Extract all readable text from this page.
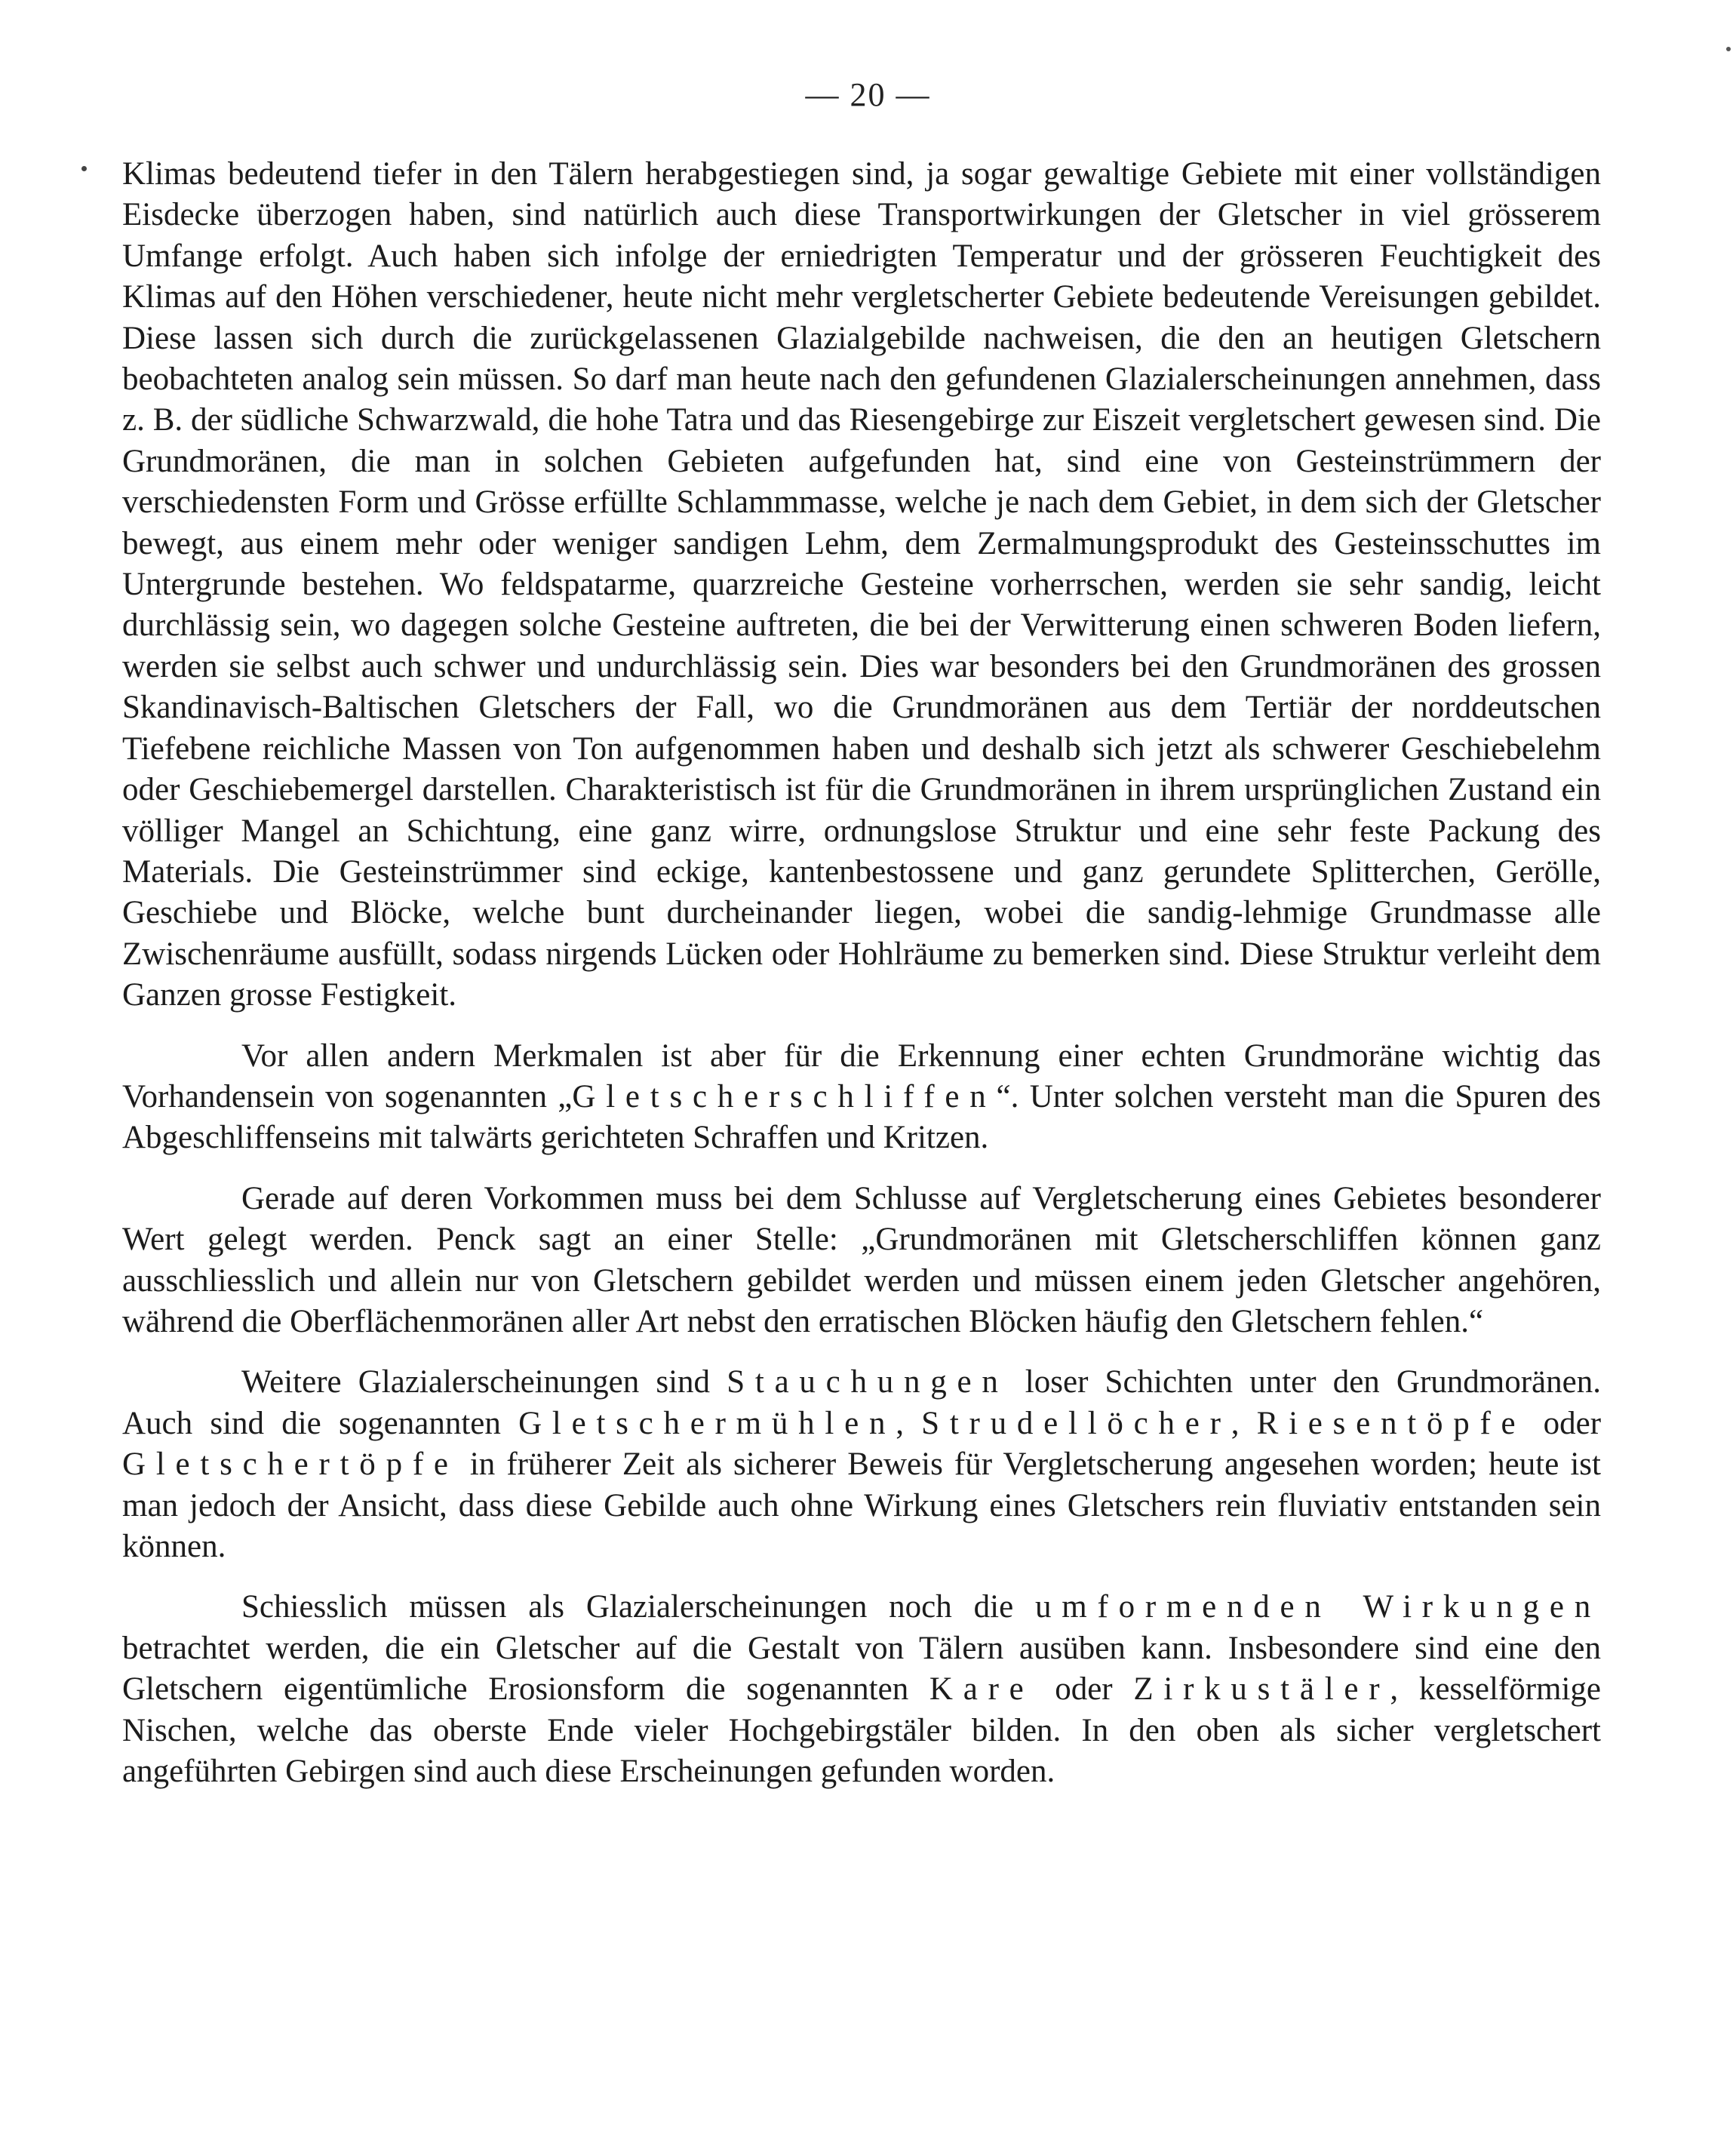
— 20 —

Klimas bedeutend tiefer in den Tälern herabgestiegen sind, ja sogar gewaltige Gebiete mit einer vollständigen Eisdecke überzogen haben, sind natürlich auch diese Transportwirkungen der Gletscher in viel grösserem Umfange erfolgt. Auch haben sich infolge der erniedrigten Temperatur und der grösseren Feuchtigkeit des Klimas auf den Höhen verschiedener, heute nicht mehr vergletscherter Gebiete bedeutende Vereisungen gebildet. Diese lassen sich durch die zurückgelassenen Glazialgebilde nachweisen, die den an heutigen Gletschern beobachteten analog sein müssen. So darf man heute nach den gefundenen Glazialerscheinungen annehmen, dass z. B. der südliche Schwarzwald, die hohe Tatra und das Riesengebirge zur Eiszeit vergletschert gewesen sind. Die Grundmoränen, die man in solchen Gebieten aufgefunden hat, sind eine von Gesteinstrümmern der verschiedensten Form und Grösse erfüllte Schlammmasse, welche je nach dem Gebiet, in dem sich der Gletscher bewegt, aus einem mehr oder weniger sandigen Lehm, dem Zermalmungsprodukt des Gesteinsschuttes im Untergrunde bestehen. Wo feldspatarme, quarzreiche Gesteine vorherrschen, werden sie sehr sandig, leicht durchlässig sein, wo dagegen solche Gesteine auftreten, die bei der Verwitterung einen schweren Boden liefern, werden sie selbst auch schwer und undurchlässig sein. Dies war besonders bei den Grundmoränen des grossen Skandinavisch-Baltischen Gletschers der Fall, wo die Grundmoränen aus dem Tertiär der norddeutschen Tiefebene reichliche Massen von Ton aufgenommen haben und deshalb sich jetzt als schwerer Geschiebelehm oder Geschiebemergel darstellen. Charakteristisch ist für die Grundmoränen in ihrem ursprünglichen Zustand ein völliger Mangel an Schichtung, eine ganz wirre, ordnungslose Struktur und eine sehr feste Packung des Materials. Die Gesteinstrümmer sind eckige, kantenbestossene und ganz gerundete Splitterchen, Gerölle, Geschiebe und Blöcke, welche bunt durcheinander liegen, wobei die sandig-lehmige Grundmasse alle Zwischenräume ausfüllt, sodass nirgends Lücken oder Hohlräume zu bemerken sind. Diese Struktur verleiht dem Ganzen grosse Festigkeit.

Vor allen andern Merkmalen ist aber für die Erkennung einer echten Grundmoräne wichtig das Vorhandensein von sogenannten „Gletscherschliffen“. Unter solchen versteht man die Spuren des Abgeschliffenseins mit talwärts gerichteten Schraffen und Kritzen.

Gerade auf deren Vorkommen muss bei dem Schlusse auf Vergletscherung eines Gebietes besonderer Wert gelegt werden. Penck sagt an einer Stelle: „Grundmoränen mit Gletscherschliffen können ganz ausschliesslich und allein nur von Gletschern gebildet werden und müssen einem jeden Gletscher angehören, während die Oberflächenmoränen aller Art nebst den erratischen Blöcken häufig den Gletschern fehlen.“

Weitere Glazialerscheinungen sind Stauchungen loser Schichten unter den Grundmoränen. Auch sind die sogenannten Gletschermühlen, Strudellöcher, Riesentöpfe oder Gletschertöpfe in früherer Zeit als sicherer Beweis für Vergletscherung angesehen worden; heute ist man jedoch der Ansicht, dass diese Gebilde auch ohne Wirkung eines Gletschers rein fluviativ entstanden sein können.

Schiesslich müssen als Glazialerscheinungen noch die umformenden Wirkungen betrachtet werden, die ein Gletscher auf die Gestalt von Tälern ausüben kann. Insbesondere sind eine den Gletschern eigentümliche Erosionsform die sogenannten Kare oder Zirkustäler, kesselförmige Nischen, welche das oberste Ende vieler Hochgebirgstäler bilden. In den oben als sicher vergletschert angeführten Gebirgen sind auch diese Erscheinungen gefunden worden.
